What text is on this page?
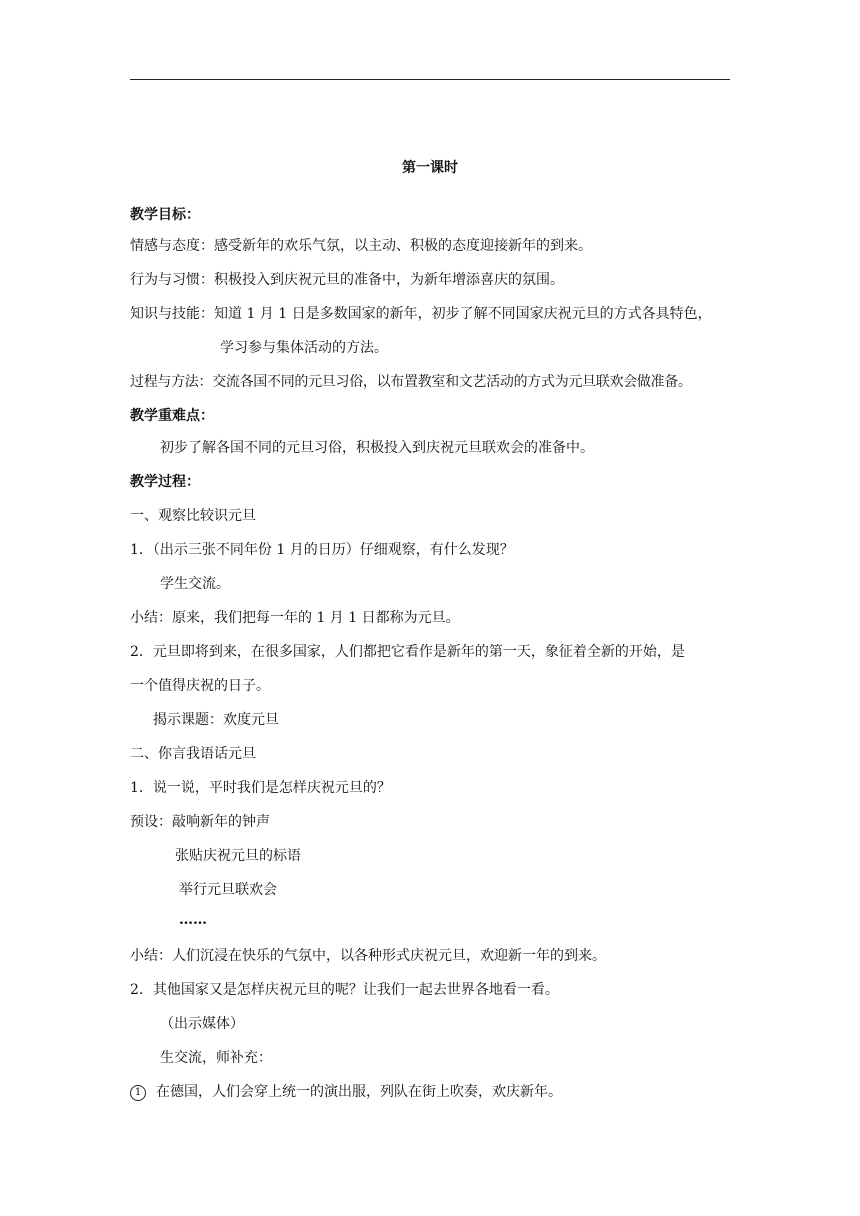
第一课时
教学目标：
情感与态度：感受新年的欢乐气氛，以主动、积极的态度迎接新年的到来。
行为与习惯：积极投入到庆祝元旦的准备中，为新年增添喜庆的氛围。
知识与技能：知道 1 月 1 日是多数国家的新年，初步了解不同国家庆祝元旦的方式各具特色，
学习参与集体活动的方法。
过程与方法：交流各国不同的元旦习俗，以布置教室和文艺活动的方式为元旦联欢会做准备。
教学重难点：
初步了解各国不同的元旦习俗，积极投入到庆祝元旦联欢会的准备中。
教学过程：
一、观察比较识元旦
1．（出示三张不同年份 1 月的日历）仔细观察，有什么发现？
学生交流。
小结：原来，我们把每一年的 1 月 1 日都称为元旦。
2．元旦即将到来，在很多国家，人们都把它看作是新年的第一天，象征着全新的开始，是
一个值得庆祝的日子。
揭示课题：欢度元旦
二、你言我语话元旦
1．说一说，平时我们是怎样庆祝元旦的？
预设：敲响新年的钟声
张贴庆祝元旦的标语
举行元旦联欢会
……
小结：人们沉浸在快乐的气氛中，以各种形式庆祝元旦，欢迎新一年的到来。
2．其他国家又是怎样庆祝元旦的呢？让我们一起去世界各地看一看。
（出示媒体）
生交流，师补充：
1 在德国，人们会穿上统一的演出服，列队在街上吹奏，欢庆新年。
